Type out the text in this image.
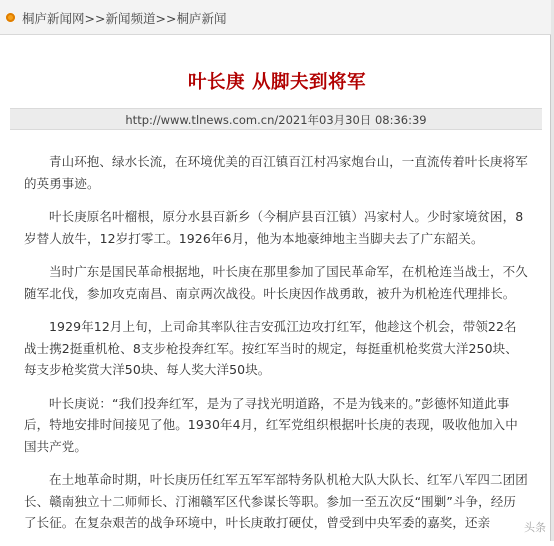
桐庐新闻网>>新闻频道>>桐庐新闻
叶长庚 从脚夫到将军
http://www.tlnews.com.cn/2021年03月30日 08:36:39

青山环抱、绿水长流，在环境优美的百江镇百江村冯家炮台山，一直流传着叶长庚将军的英勇事迹。

叶长庚原名叶榴根，原分水县百新乡（今桐庐县百江镇）冯家村人。少时家境贫困，8岁替人放牛，12岁打零工。1926年6月，他为本地豪绅地主当脚夫去了广东韶关。

当时广东是国民革命根据地，叶长庚在那里参加了国民革命军，在机枪连当战士，不久随军北伐，参加攻克南昌、南京两次战役。叶长庚因作战勇敢，被升为机枪连代理排长。

1929年12月上旬，上司命其率队往吉安孤江边攻打红军，他趁这个机会，带领22名战士携2挺重机枪、8支步枪投奔红军。按红军当时的规定，每挺重机枪奖赏大洋250块、每支步枪奖赏大洋50块、每人奖大洋50块。

叶长庚说：“我们投奔红军，是为了寻找光明道路，不是为钱来的。”彭德怀知道此事后，特地安排时间接见了他。1930年4月，红军党组织根据叶长庚的表现，吸收他加入中国共产党。

在土地革命时期，叶长庚历任红军五军军部特务队机枪大队大队长、红军八军四二团团长、赣南独立十二师师长、汀湘赣军区代参谋长等职。参加一至五次反“围剿”斗争，经历了长征。在复杂艰苦的战争环境中，叶长庚敢打硬仗，曾受到中央军委的嘉奖，还亲	头条
